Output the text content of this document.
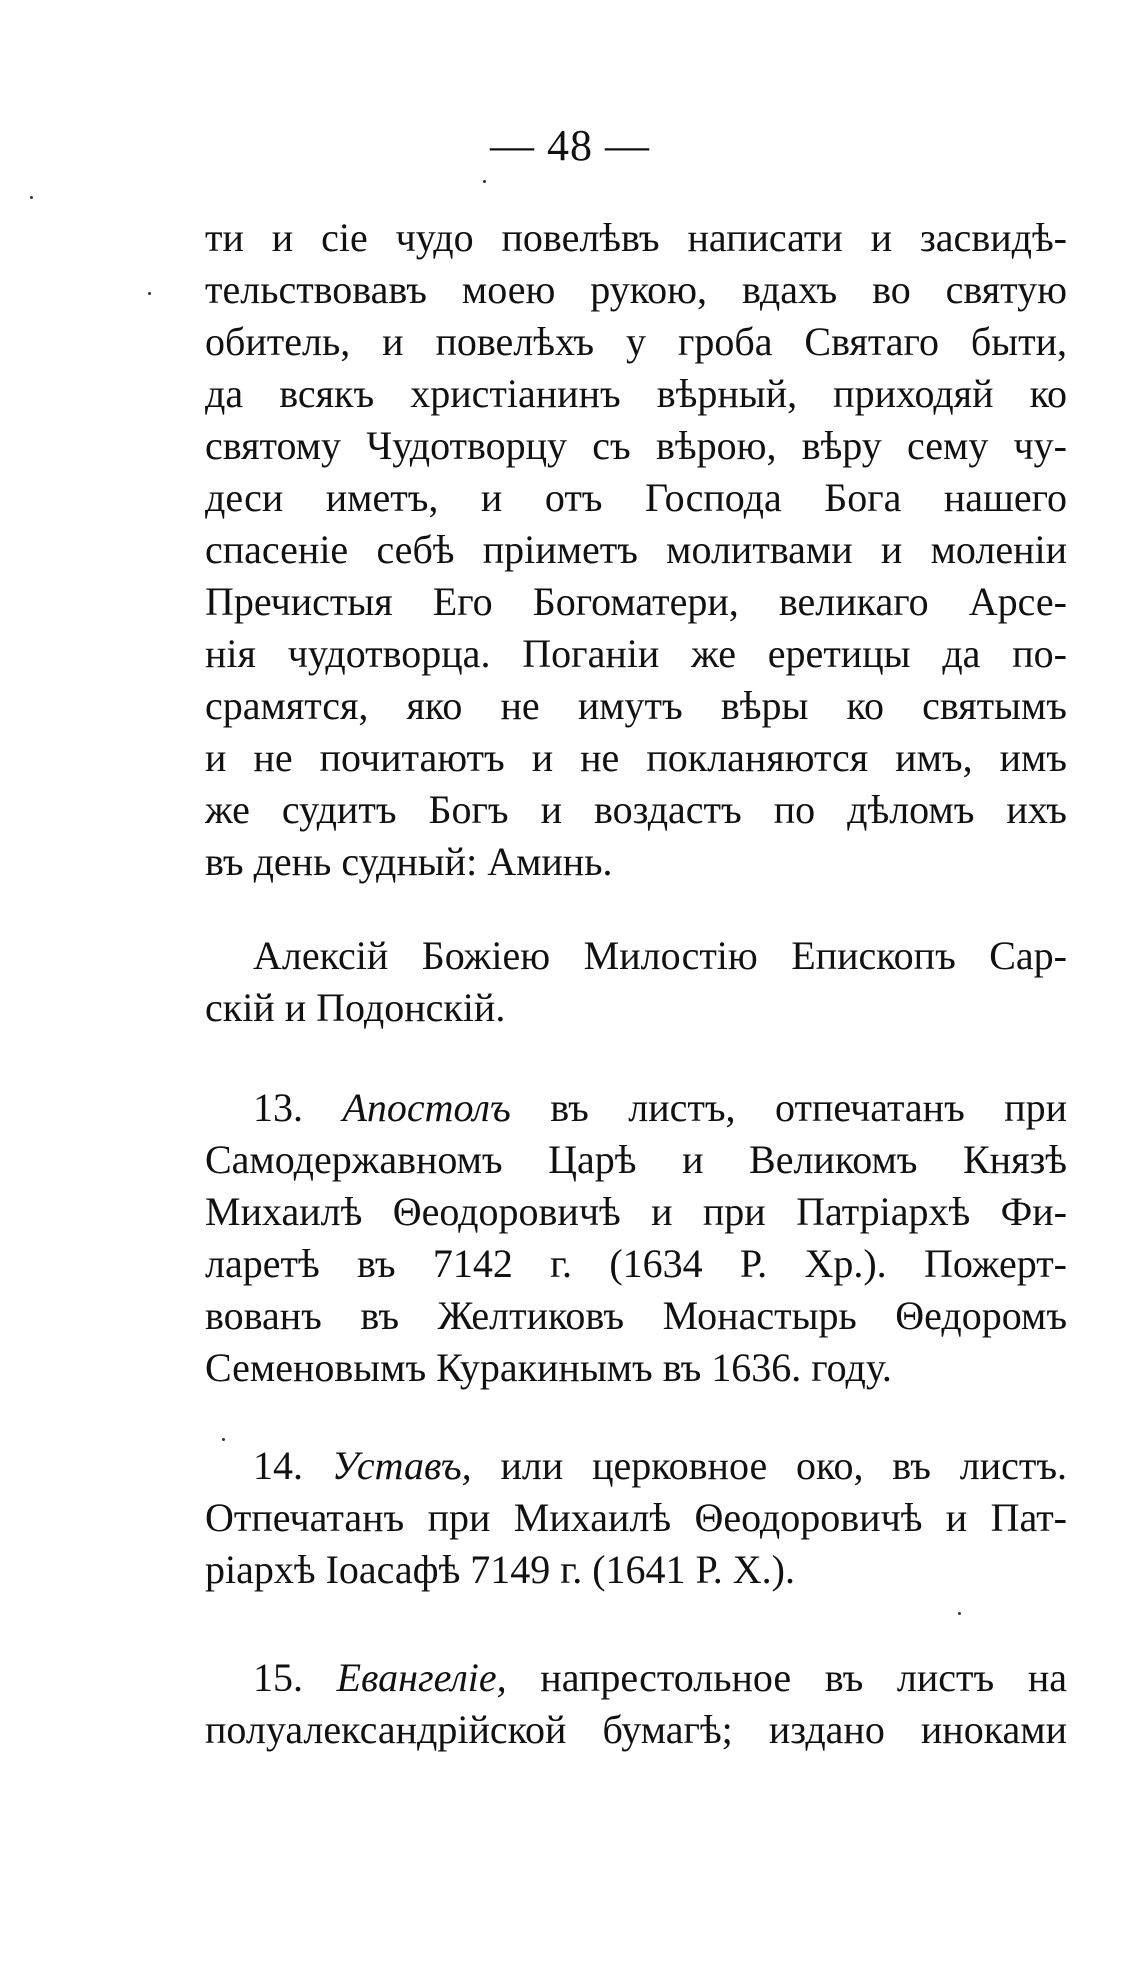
— 48 —
ти и сіе чудо повелѣвъ написати и засвидѣ-
тельствовавъ моею рукою, вдахъ во святую
обитель, и повелѣхъ у гроба Святаго быти,
да всякъ христіанинъ вѣрный, приходяй ко
святому Чудотворцу съ вѣрою, вѣру сему чу-
деси иметъ, и отъ Господа Бога нашего
спасеніе себѣ пріиметъ молитвами и моленіи
Пречистыя Его Богоматери, великаго Арсе-
нія чудотворца. Поганіи же еретицы да по-
срамятся, яко не имутъ вѣры ко святымъ
и не почитаютъ и не покланяются имъ, имъ
же судитъ Богъ и воздастъ по дѣломъ ихъ
въ день судный: Аминь.
Алексій Божіею Милостію Епископъ Сар-
скій и Подонскій.
13. Апостолъ въ листъ, отпечатанъ при
Самодержавномъ Царѣ и Великомъ Князѣ
Михаилѣ Θеодоровичѣ и при Патріархѣ Фи-
ларетѣ въ 7142 г. (1634 Р. Хр.). Пожерт-
вованъ въ Желтиковъ Монастырь Θедоромъ
Семеновымъ Куракинымъ въ 1636. году.
14. Уставъ, или церковное око, въ листъ.
Отпечатанъ при Михаилѣ Θеодоровичѣ и Пат-
ріархѣ Іоасафѣ 7149 г. (1641 Р. Х.).
15. Евангеліе, напрестольное въ листъ на
полуалександрійской бумагѣ; издано иноками
